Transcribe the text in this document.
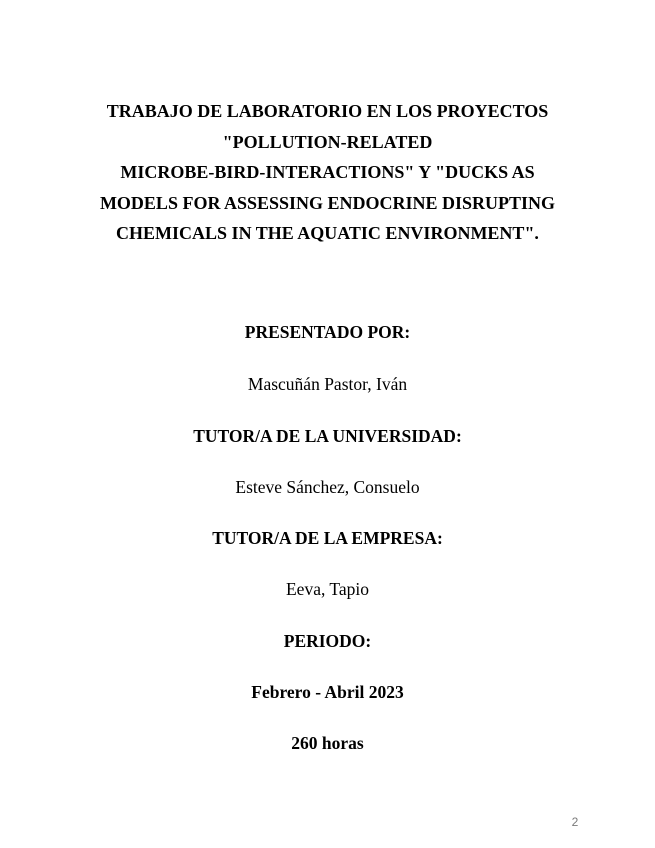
TRABAJO DE LABORATORIO EN LOS PROYECTOS
"POLLUTION-RELATED
MICROBE-BIRD-INTERACTIONS" Y "DUCKS AS
MODELS FOR ASSESSING ENDOCRINE DISRUPTING
CHEMICALS IN THE AQUATIC ENVIRONMENT".

PRESENTADO POR:

Mascuñán Pastor, Iván

TUTOR/A DE LA UNIVERSIDAD:

Esteve Sánchez, Consuelo

TUTOR/A DE LA EMPRESA:

Eeva, Tapio

PERIODO:

Febrero - Abril 2023

260 horas

2
